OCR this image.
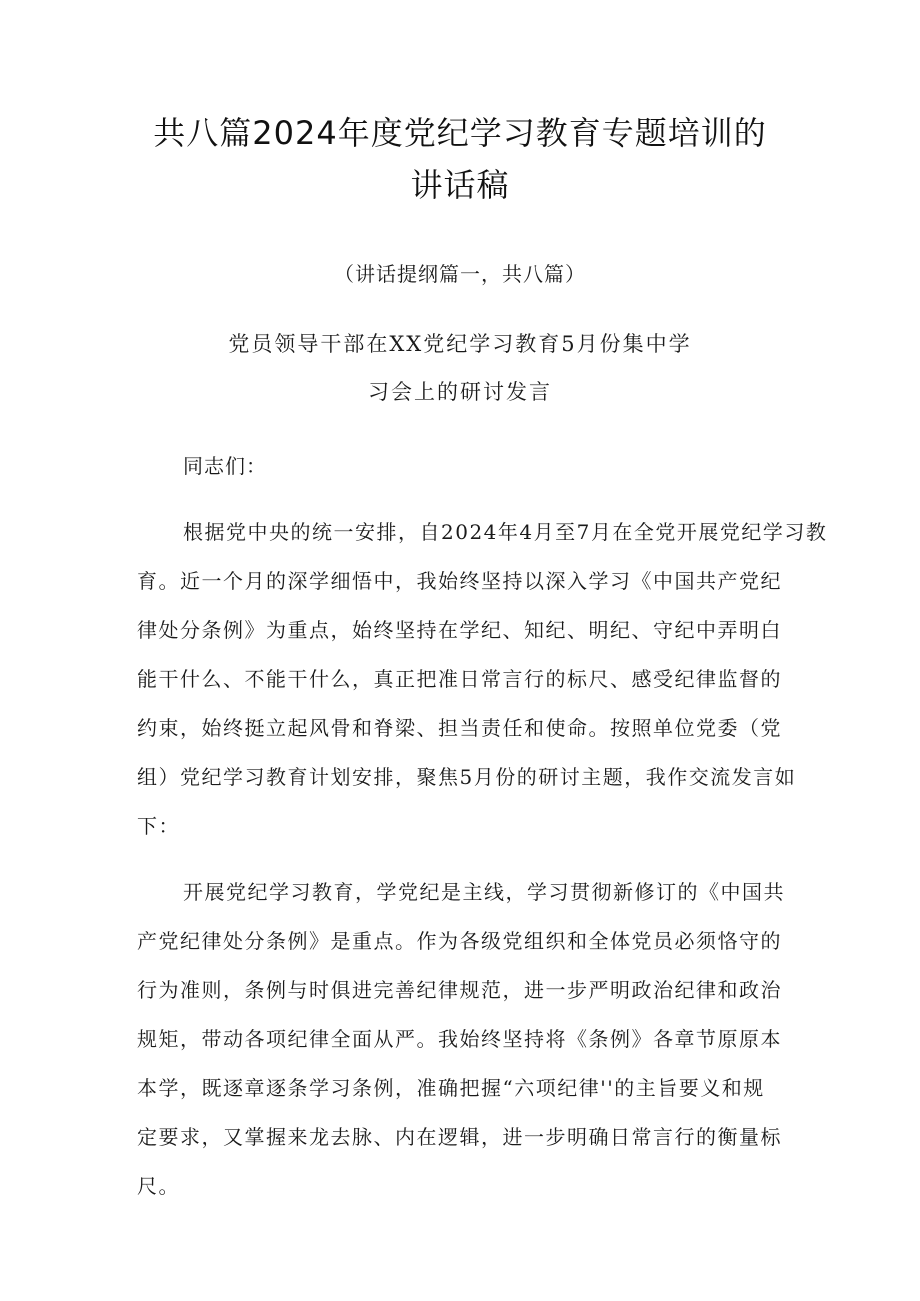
共八篇2024年度党纪学习教育专题培训的
讲话稿
（讲话提纲篇一，共八篇）
党员领导干部在XX党纪学习教育5月份集中学
习会上的研讨发言
同志们：
根据党中央的统一安排，自2024年4月至7月在全党开展党纪学习教
育。近一个月的深学细悟中，我始终坚持以深入学习《中国共产党纪
律处分条例》为重点，始终坚持在学纪、知纪、明纪、守纪中弄明白
能干什么、不能干什么，真正把准日常言行的标尺、感受纪律监督的
约束，始终挺立起风骨和脊梁、担当责任和使命。按照单位党委（党
组）党纪学习教育计划安排，聚焦5月份的研讨主题，我作交流发言如
下：
开展党纪学习教育，学党纪是主线，学习贯彻新修订的《中国共
产党纪律处分条例》是重点。作为各级党组织和全体党员必须恪守的
行为准则，条例与时俱进完善纪律规范，进一步严明政治纪律和政治
规矩，带动各项纪律全面从严。我始终坚持将《条例》各章节原原本
本学，既逐章逐条学习条例，准确把握“六项纪律''的主旨要义和规
定要求，又掌握来龙去脉、内在逻辑，进一步明确日常言行的衡量标
尺。
